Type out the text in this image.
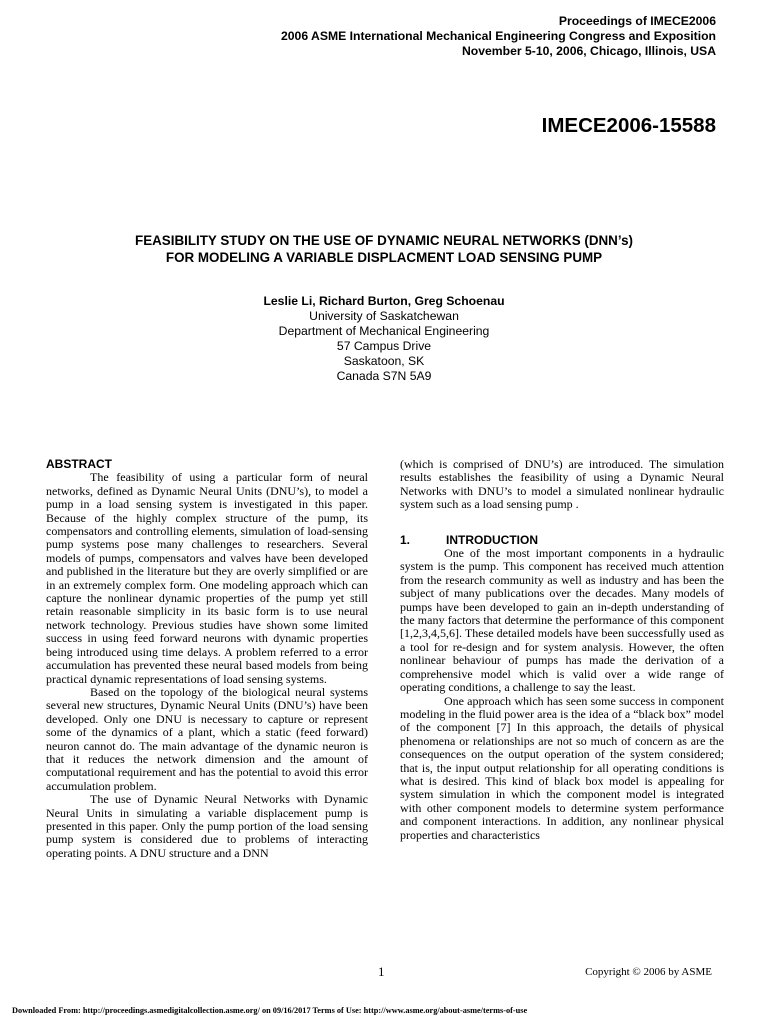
Proceedings of IMECE2006
2006 ASME International Mechanical Engineering Congress and Exposition
November 5-10, 2006, Chicago, Illinois, USA
IMECE2006-15588
FEASIBILITY STUDY ON THE USE OF DYNAMIC NEURAL NETWORKS (DNN’s)
FOR MODELING A VARIABLE DISPLACMENT LOAD SENSING PUMP
Leslie Li, Richard Burton, Greg Schoenau
University of Saskatchewan
Department of Mechanical Engineering
57 Campus Drive
Saskatoon, SK
Canada S7N 5A9
ABSTRACT

The feasibility of using a particular form of neural networks, defined as Dynamic Neural Units (DNU’s), to model a pump in a load sensing system is investigated in this paper. Because of the highly complex structure of the pump, its compensators and controlling elements, simulation of load-sensing pump systems pose many challenges to researchers. Several models of pumps, compensators and valves have been developed and published in the literature but they are overly simplified or are in an extremely complex form. One modeling approach which can capture the nonlinear dynamic properties of the pump yet still retain reasonable simplicity in its basic form is to use neural network technology. Previous studies have shown some limited success in using feed forward neurons with dynamic properties being introduced using time delays. A problem referred to a error accumulation has prevented these neural based models from being practical dynamic representations of load sensing systems.

Based on the topology of the biological neural systems several new structures, Dynamic Neural Units (DNU’s) have been developed. Only one DNU is necessary to capture or represent some of the dynamics of a plant, which a static (feed forward) neuron cannot do. The main advantage of the dynamic neuron is that it reduces the network dimension and the amount of computational requirement and has the potential to avoid this error accumulation problem.

The use of Dynamic Neural Networks with Dynamic Neural Units in simulating a variable displacement pump is presented in this paper. Only the pump portion of the load sensing pump system is considered due to problems of interacting operating points. A DNU structure and a DNN

(which is comprised of DNU’s) are introduced. The simulation results establishes the feasibility of using a Dynamic Neural Networks with DNU’s to model a simulated nonlinear hydraulic system such as a load sensing pump .

1.	INTRODUCTION

One of the most important components in a hydraulic system is the pump. This component has received much attention from the research community as well as industry and has been the subject of many publications over the decades. Many models of pumps have been developed to gain an in-depth understanding of the many factors that determine the performance of this component [1,2,3,4,5,6]. These detailed models have been successfully used as a tool for re-design and for system analysis. However, the often nonlinear behaviour of pumps has made the derivation of a comprehensive model which is valid over a wide range of operating conditions, a challenge to say the least.

One approach which has seen some success in component modeling in the fluid power area is the idea of a “black box” model of the component [7] In this approach, the details of physical phenomena or relationships are not so much of concern as are the consequences on the output operation of the system considered; that is, the input output relationship for all operating conditions is what is desired. This kind of black box model is appealing for system simulation in which the component model is integrated with other component models to determine system performance and component interactions. In addition, any nonlinear physical properties and characteristics

1	Copyright © 2006 by ASME
Downloaded From: http://proceedings.asmedigitalcollection.asme.org/ on 09/16/2017 Terms of Use: http://www.asme.org/about-asme/terms-of-use
